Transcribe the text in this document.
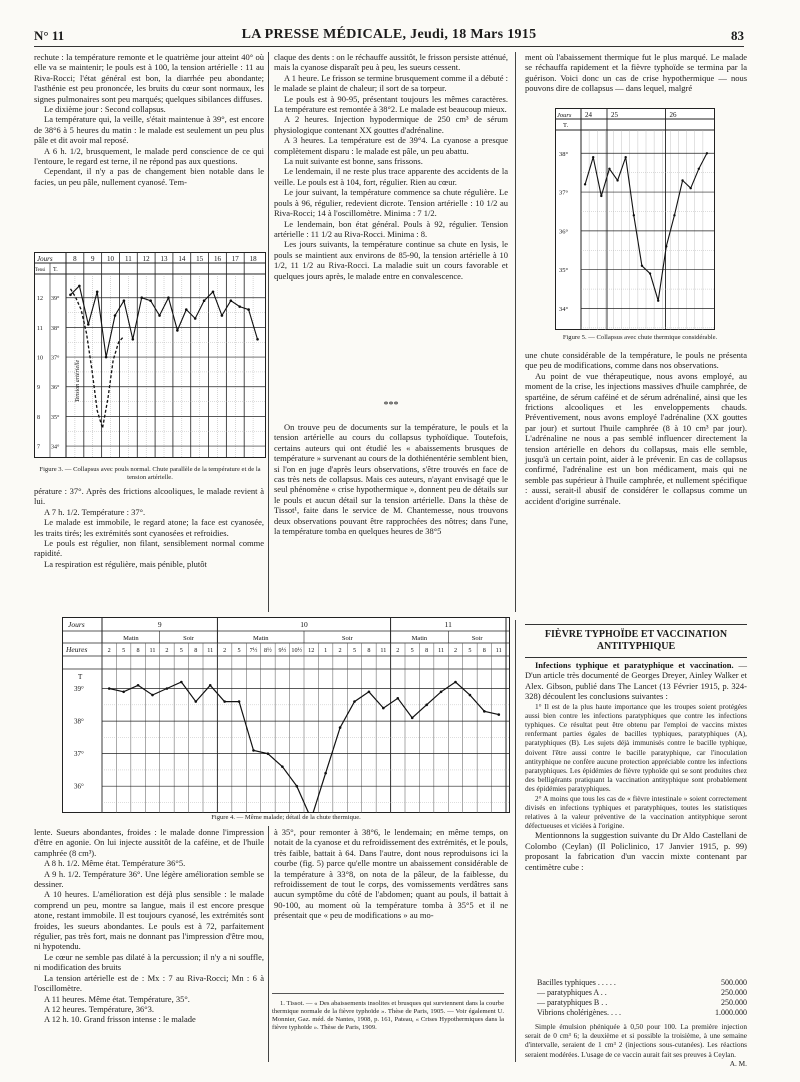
N° 11	LA PRESSE MÉDICALE, Jeudi, 18 Mars 1915	83

rechute : la température remonte et le quatrième jour atteint 40° où elle va se maintenir; le pouls est à 100, la tension artérielle : 11 au Riva-Rocci; l'état général est bon, la diarrhée peu abondante; l'asthénie est peu prononcée, les bruits du cœur sont normaux, les signes pulmonaires sont peu marqués; quelques sibilances diffuses.

Le dixième jour : Second collapsus.

La température qui, la veille, s'était maintenue à 39°, est encore de 38°6 à 5 heures du matin : le malade est seulement un peu plus pâle et dit avoir mal reposé.

A 6 h. 1/2, brusquement, le malade perd conscience de ce qui l'entoure, le regard est terne, il ne répond pas aux questions.

Cependant, il n'y a pas de changement bien notable dans le facies, un peu pâle, nullement cyanosé. Tem-

Jours
Tensi T.
8 9 10 11 12 13 14 15 16 17 18
39°
12
38°
11
37°
10
36°
9
35°
8
34°
7
Tension artérielle
Figure 3. — Collapsus avec pouls normal. Chute parallèle de la température et de la tension artérielle.

pérature : 37°. Après des frictions alcooliques, le malade revient à lui.

A 7 h. 1/2. Température : 37°.

Le malade est immobile, le regard atone; la face est cyanosée, les traits tirés; les extrémités sont cyanosées et refroidies.

Le pouls est régulier, non filant, sensiblement normal comme rapidité.

La respiration est régulière, mais pénible, plutôt

lente. Sueurs abondantes, froides : le malade donne l'impression d'être en agonie. On lui injecte aussitôt de la caféine, et de l'huile camphrée (8 cm³).

A 8 h. 1/2. Même état. Température 36°5.

A 9 h. 1/2. Température 36°. Une légère amélioration semble se dessiner.

A 10 heures. L'amélioration est déjà plus sensible : le malade comprend un peu, montre sa langue, mais il est encore presque atone, restant immobile. Il est toujours cyanosé, les extrémités sont froides, les sueurs abondantes. Le pouls est à 72, parfaitement régulier, pas très fort, mais ne donnant pas l'impression d'être mou, ni hypotendu.

Le cœur ne semble pas dilaté à la percussion; il n'y a ni souffle, ni modification des bruits

La tension artérielle est de : Mx : 7 au Riva-Rocci; Mn : 6 à l'oscillomètre.

A 11 heures. Même état. Température, 35°.

A 12 heures. Température, 36°3.

A 12 h. 10. Grand frisson intense : le malade

claque des dents : on le réchauffe aussitôt, le frisson persiste atténué, mais la cyanose disparaît peu à peu, les sueurs cessent.

A 1 heure. Le frisson se termine brusquement comme il a débuté : le malade se plaint de chaleur; il sort de sa torpeur.

Le pouls est à 90-95, présentant toujours les mêmes caractères. La température est remontée à 38°2. Le malade est beaucoup mieux.

A 2 heures. Injection hypodermique de 250 cm³ de sérum physiologique contenant XX gouttes d'adrénaline.

A 3 heures. La température est de 39°4. La cyanose a presque complètement disparu : le malade est pâle, un peu abattu.

La nuit suivante est bonne, sans frissons.

Le lendemain, il ne reste plus trace apparente des accidents de la veille. Le pouls est à 104, fort, régulier. Rien au cœur.

Le jour suivant, la température commence sa chute régulière. Le pouls à 96, régulier, redevient dicrote. Tension artérielle : 10 1/2 au Riva-Rocci; 14 à l'oscillomètre. Minima : 7 1/2.

Le lendemain, bon état général. Pouls à 92, régulier. Tension artérielle : 11 1/2 au Riva-Rocci. Minima : 8.

Les jours suivants, la température continue sa chute en lysis, le pouls se maintient aux environs de 85-90, la tension artérielle à 10 1/2, 11 1/2 au Riva-Rocci. La maladie suit un cours favorable et quelques jours après, le malade entre en convalescence.

***

On trouve peu de documents sur la température, le pouls et la tension artérielle au cours du collapsus typhoïdique. Toutefois, certains auteurs qui ont étudié les « abaissements brusques de température » survenant au cours de la dothiénentérie semblent bien, si l'on en juge d'après leurs observations, s'être trouvés en face de cas très nets de collapsus. Mais ces auteurs, n'ayant envisagé que le seul phénomène « crise hypothermique », donnent peu de détails sur le pouls et aucun détail sur la tension artérielle. Dans la thèse de Tissot¹, faite dans le service de M. Chantemesse, nous trouvons deux observations pouvant être rapprochées des nôtres; dans l'une, la température tomba en quelques heures de 38°5

Jours
Heures
T
9
Matin	Soir
10
Matin	Soir
11
Matin	Soir
2 5 8 11 2 5 8 11 2 5 7½ 8½ 9½ 10½ 12 1 2 5 8 11 2 5 8 11 2 5 8 11
39°
38°
37°
36°
Figure 4. — Même malade; détail de la chute thermique.

à 35°, pour remonter à 38°6, le lendemain; en même temps, on notait de la cyanose et du refroidissement des extrémités, et le pouls, très faible, battait à 64. Dans l'autre, dont nous reproduisons ici la courbe (fig. 5) parce qu'elle montre un abaissement considérable de la température à 33°8, on nota de la pâleur, de la faiblesse, du refroidissement de tout le corps, des vomissements verdâtres sans aucun symptôme du côté de l'abdomen; quant au pouls, il battait à 90-100, au moment où la température tomba à 35°5 et il ne présentait que « peu de modifications » au mo-

1. Tissot. — « Des abaissements insolites et brusques qui surviennent dans la courbe thermique normale de la fièvre typhoïde ». Thèse de Paris, 1905. — Voir également U. Monnier, Gaz. méd. de Nantes, 1908, p. 161, Pateau, « Crises Hypothermiques dans la fièvre typhoïde ». Thèse de Paris, 1909.

ment où l'abaissement thermique fut le plus marqué. Le malade se réchauffa rapidement et la fièvre typhoïde se termina par la guérison. Voici donc un cas de crise hypothermique — nous pouvons dire de collapsus — dans lequel, malgré

Jours
T.
24	25	26
38°
37°
36°
35°
34°
Figure 5. — Collapsus avec chute thermique considérable.

une chute considérable de la température, le pouls ne présenta que peu de modifications, comme dans nos observations.

Au point de vue thérapeutique, nous avons employé, au moment de la crise, les injections massives d'huile camphrée, de spartéine, de sérum caféiné et de sérum adrénaliné, ainsi que les frictions alcooliques et les enveloppements chauds. Préventivement, nous avons employé l'adrénaline (XX gouttes par jour) et surtout l'huile camphrée (8 à 10 cm³ par jour). L'adrénaline ne nous a pas semblé influencer directement la tension artérielle en dehors du collapsus, mais elle semble, jusqu'à un certain point, aider à le prévenir. En cas de collapsus confirmé, l'adrénaline est un bon médicament, mais qui ne semble pas supérieur à l'huile camphrée, et nullement spécifique : aussi, serait-il abusif de considérer le collapsus comme un accident d'origine surrénale.

FIÈVRE TYPHOÏDE ET VACCINATION ANTITYPHIQUE

Infections typhique et paratyphique et vaccination. — D'un article très documenté de Georges Dreyer, Ainley Walker et Alex. Gibson, publié dans The Lancet (13 Février 1915, p. 324-328) découlent les conclusions suivantes :

1° Il est de la plus haute importance que les troupes soient protégées aussi bien contre les infections paratyphiques que contre les infections typhiques. Ce résultat peut être obtenu par l'emploi de vaccins mixtes renfermant parties égales de bacilles typhiques, paratyphiques (A), paratyphiques (B). Les sujets déjà immunisés contre le bacille typhique, doivent l'être aussi contre le bacille paratyphique, car l'inoculation antityphique ne confère aucune protection appréciable contre les infections paratyphiques. Les épidémies de fièvre typhoïde qui se sont produites chez des belligérants pratiquant la vaccination antityphique sont probablement des épidémies paratyphiques.

2° A moins que tous les cas de « fièvre intestinale » soient correctement divisés en infections typhiques et paratyphiques, toutes les statistiques relatives à la valeur préventive de la vaccination antityphique seront défectueuses et viciées à l'origine.

Mentionnons la suggestion suivante du Dr Aldo Castellani de Colombo (Ceylan) (Il Policlinico, 17 Janvier 1915, p. 99) proposant la fabrication d'un vaccin mixte contenant par centimètre cube :

Bacilles typhiques . . . . .	500.000
— paratyphiques A . .	250.000
— paratyphiques B . .	250.000
Vibrions cholérigènes. . . .	1.000.000

Simple émulsion phéniquée à 0,50 pour 100. La première injection serait de 0 cm³ 6; la deuxième et si possible la troisième, à une semaine d'intervalle, seraient de 1 cm³ 2 (injections sous-cutanées). Les réactions seraient modérées. L'usage de ce vaccin aurait fait ses preuves à Ceylan.

A. M.
